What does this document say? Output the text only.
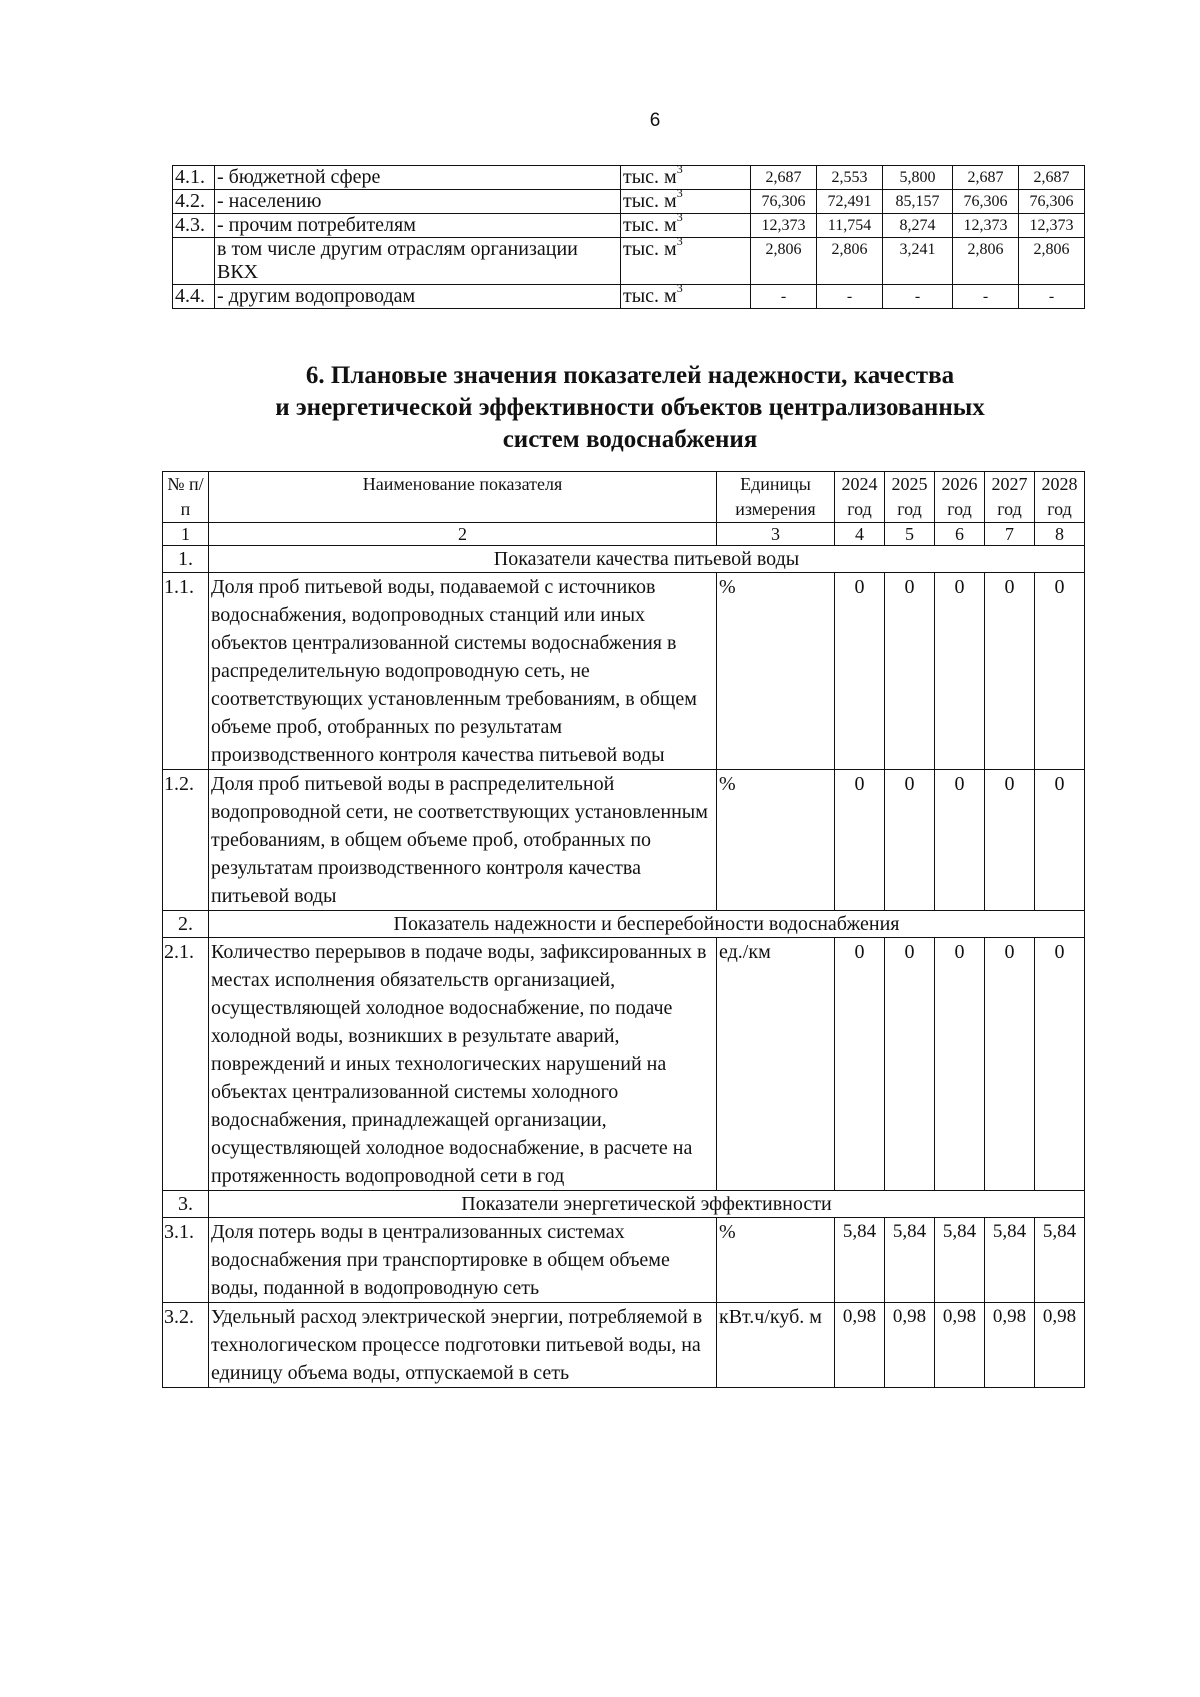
6
4.1.	- бюджетной сфере	тыс. $м^3$	2,687	2,553	5,800	2,687	2,687
4.2.	- населению	тыс. $м^3$	76,306	72,491	85,157	76,306	76,306
4.3.	- прочим потребителям	тыс. $м^3$	12,373	11,754	8,274	12,373	12,373
	в том числе другим отраслям организации ВКХ	тыс. $м^3$	2,806	2,806	3,241	2,806	2,806
4.4.	- другим водопроводам	тыс. $м^3$	-	-	-	-	-
6. Плановые значения показателей надежности, качества
и энергетической эффективности объектов централизованных
систем водоснабжения
№ п/п	Наименование показателя	Единицы измерения	2024 год	2025 год	2026 год	2027 год	2028 год
1	2	3	4	5	6	7	8
1.	Показатели качества питьевой воды						
1.1.	Доля проб питьевой воды, подаваемой с источников водоснабжения, водопроводных станций или иных объектов централизованной системы водоснабжения в распределительную водопроводную сеть, не соответствующих установленным требованиям, в общем объеме проб, отобранных по результатам производственного контроля качества питьевой воды	%	0	0	0	0	0
1.2.	Доля проб питьевой воды в распределительной водопроводной сети, не соответствующих установленным требованиям, в общем объеме проб, отобранных по результатам производственного контроля качества питьевой воды	%	0	0	0	0	0
2.	Показатель надежности и бесперебойности водоснабжения						
2.1.	Количество перерывов в подаче воды, зафиксированных в местах исполнения обязательств организацией, осуществляющей холодное водоснабжение, по подаче холодной воды, возникших в результате аварий, повреждений и иных технологических нарушений на объектах централизованной системы холодного водоснабжения, принадлежащей организации, осуществляющей холодное водоснабжение, в расчете на протяженность водопроводной сети в год	ед./км	0	0	0	0	0
3.	Показатели энергетической эффективности						
3.1.	Доля потерь воды в централизованных системах водоснабжения при транспортировке в общем объеме воды, поданной в водопроводную сеть	%	5,84	5,84	5,84	5,84	5,84
3.2.	Удельный расход электрической энергии, потребляемой в технологическом процессе подготовки питьевой воды, на единицу объема воды, отпускаемой в сеть	кВт.ч/куб. м	0,98	0,98	0,98	0,98	0,98
